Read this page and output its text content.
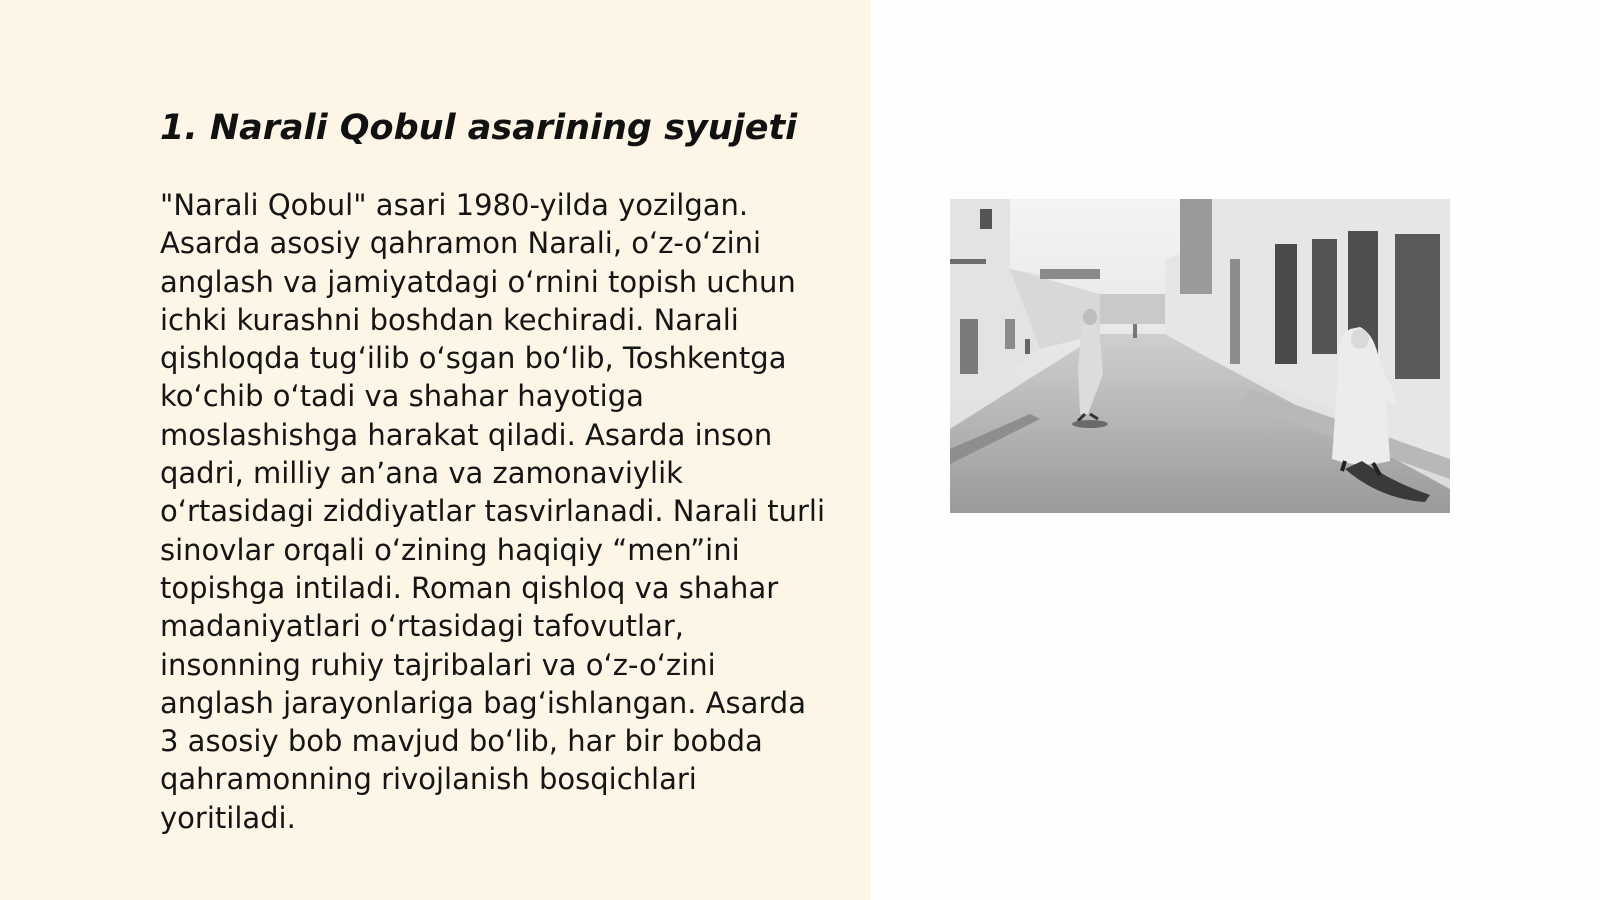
1. Narali Qobul asarining syujeti

"Narali Qobul" asari 1980-yilda yozilgan.
Asarda asosiy qahramon Narali, o‘z-o‘zini
anglash va jamiyatdagi o‘rnini topish uchun
ichki kurashni boshdan kechiradi. Narali
qishloqda tug‘ilib o‘sgan bo‘lib, Toshkentga
ko‘chib o‘tadi va shahar hayotiga
moslashishga harakat qiladi. Asarda inson
qadri, milliy an’ana va zamonaviylik
o‘rtasidagi ziddiyatlar tasvirlanadi. Narali turli
sinovlar orqali o‘zining haqiqiy “men”ini
topishga intiladi. Roman qishloq va shahar
madaniyatlari o‘rtasidagi tafovutlar,
insonning ruhiy tajribalari va o‘z-o‘zini
anglash jarayonlariga bag‘ishlangan. Asarda
3 asosiy bob mavjud bo‘lib, har bir bobda
qahramonning rivojlanish bosqichlari
yoritiladi.
